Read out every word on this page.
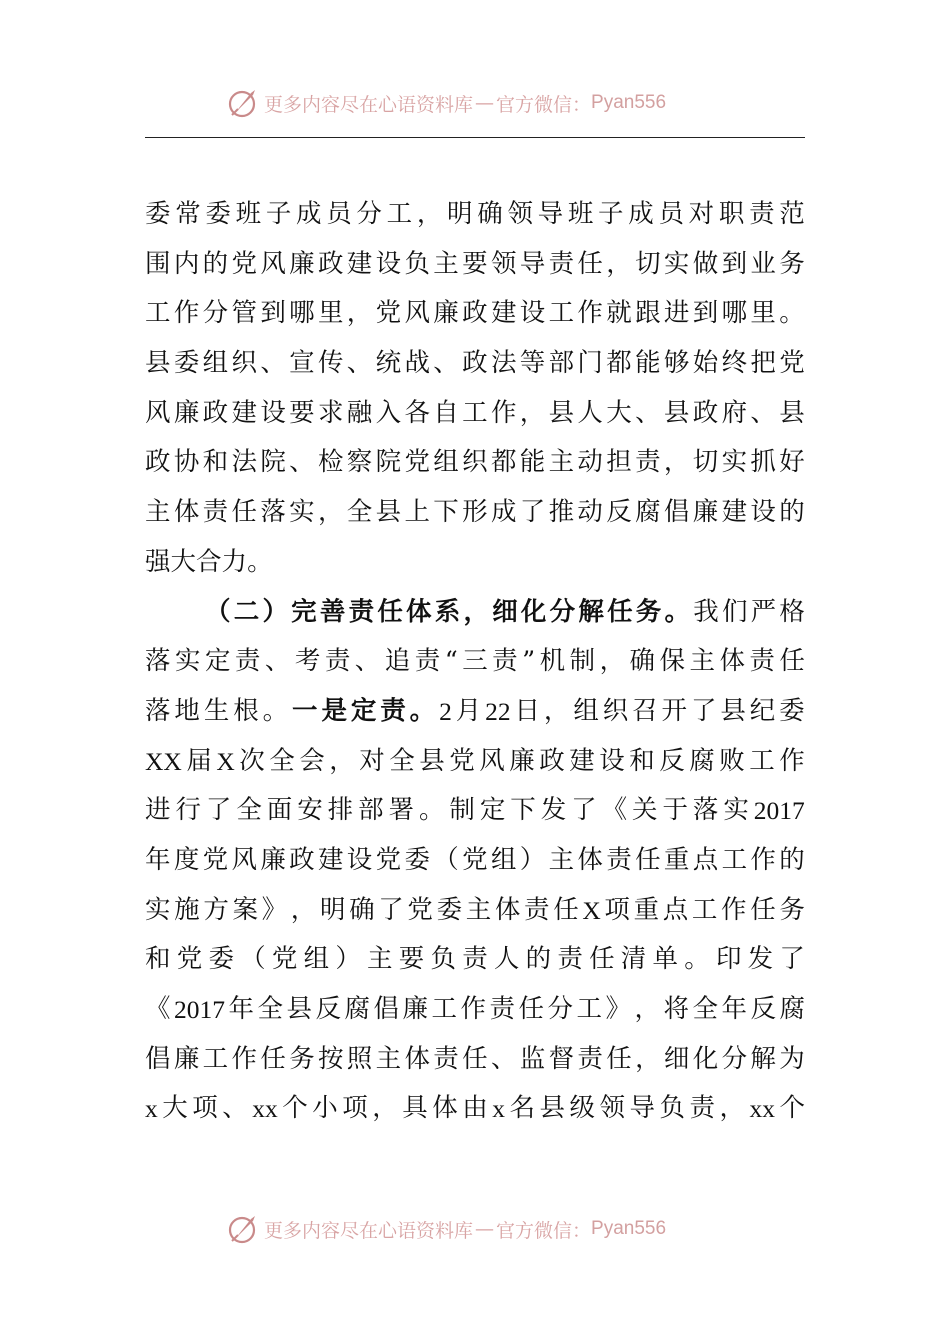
更多内容尽在心语资料库 — 官方微信： Pyan556
委 常 委 班 子 成 员 分 工 ， 明 确 领 导 班 子 成 员 对 职 责 范
围 内 的 党 风 廉 政 建 设 负 主 要 领 导 责 任 ， 切 实 做 到 业 务
工 作 分 管 到 哪 里 ， 党 风 廉 政 建 设 工 作 就 跟 进 到 哪 里 。
县 委 组 织 、 宣 传 、 统 战 、 政 法 等 部 门 都 能 够 始 终 把 党
风 廉 政 建 设 要 求 融 入 各 自 工 作 ， 县 人 大 、 县 政 府 、 县
政 协 和 法 院 、 检 察 院 党 组 织 都 能 主 动 担 责 ， 切 实 抓 好
主 体 责 任 落 实 ， 全 县 上 下 形 成 了 推 动 反 腐 倡 廉 建 设 的
强 大 合 力 。
（ 二 ） 完 善 责 任 体 系 ， 细 化 分 解 任 务 。 我 们 严 格
落 实 定 责 、 考 责 、 追 责 “ 三 责 ” 机 制 ， 确 保 主 体 责 任
落 地 生 根 。 一 是 定 责 。 2 月 22 日 ， 组 织 召 开 了 县 纪 委
XX 届 X 次 全 会 ， 对 全 县 党 风 廉 政 建 设 和 反 腐 败 工 作
进 行 了 全 面 安 排 部 署 。 制 定 下 发 了 《 关 于 落 实 2017
年 度 党 风 廉 政 建 设 党 委 （ 党 组 ） 主 体 责 任 重 点 工 作 的
实 施 方 案 》 ， 明 确 了 党 委 主 体 责 任 X 项 重 点 工 作 任 务
和 党 委 （ 党 组 ） 主 要 负 责 人 的 责 任 清 单 。 印 发 了
《 2017 年 全 县 反 腐 倡 廉 工 作 责 任 分 工 》 ， 将 全 年 反 腐
倡 廉 工 作 任 务 按 照 主 体 责 任 、 监 督 责 任 ， 细 化 分 解 为
x 大 项 、 xx 个 小 项 ， 具 体 由 x 名 县 级 领 导 负 责 ， xx 个
更多内容尽在心语资料库 — 官方微信： Pyan556
